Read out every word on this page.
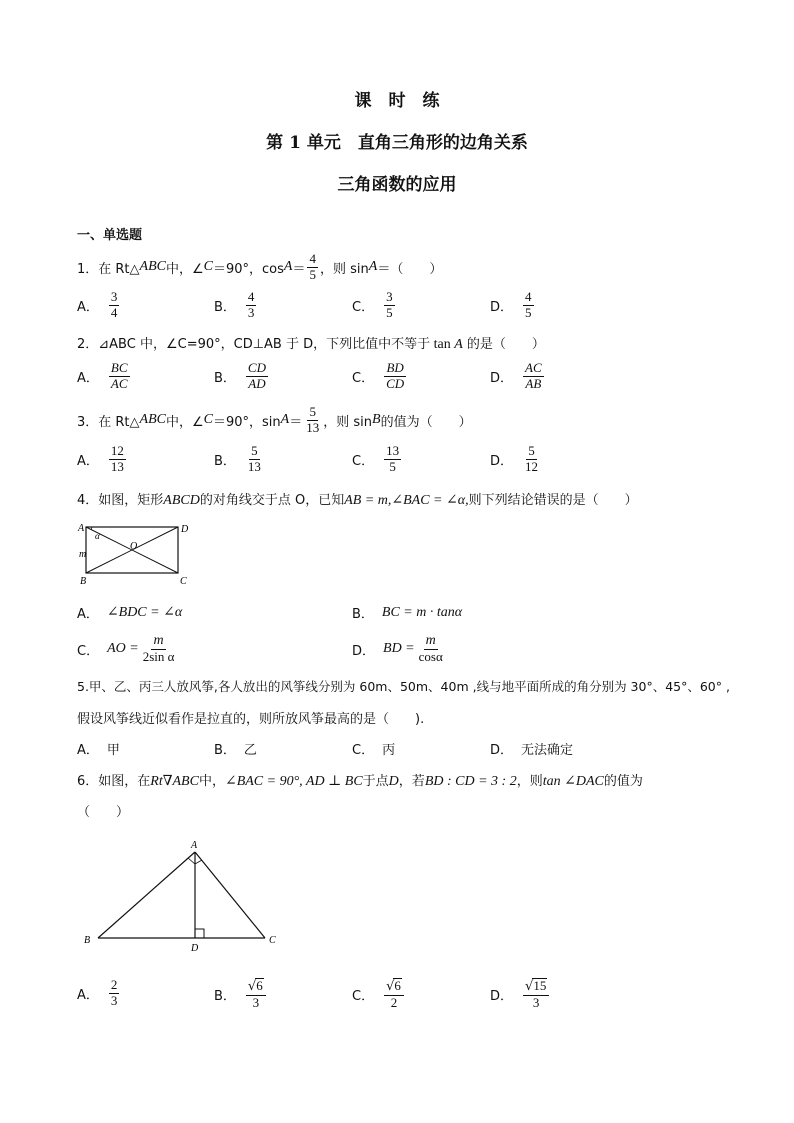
课　时　练
第 1 单元　直角三角形的边角关系
三角函数的应用
一、单选题
1．在 Rt△ ABC 中，∠ C ＝90°，$\cos A = \frac{4}{5}$ ，则 sin A ＝（　　）
A． $\frac{3}{4}$	B． $\frac{4}{3}$	C． $\frac{3}{5}$	D． $\frac{4}{5}$
2．⊿ABC 中，∠C=90°，CD⊥AB 于 D，下列比值中不等于 tan A 的是（　　）
A． $\frac{BC}{AC}$	B． $\frac{CD}{AD}$	C． $\frac{BD}{CD}$	D． $\frac{AC}{AB}$
3．在 Rt△ ABC 中，∠ C ＝90°，$\sin A = \frac{5}{13}$ ，则 sin B 的值为（　　）
A． $\frac{12}{13}$	B． $\frac{5}{13}$	C． $\frac{13}{5}$	D． $\frac{5}{12}$
4．如图，矩形ABCD的对角线交于点 O，已知AB = m,∠BAC = ∠α,则下列结论错误的是（　　）
A	D
B	C
O
m
α
A． ∠BDC = ∠α	B． BC = m · tanα
C． AO = $\frac{m}{\text{2sin α}}$	D． BD = $\frac{m}{\cos\alpha}$
5.甲、乙、丙三人放风筝,各人放出的风筝线分别为 60m、50m、40m ,线与地平面所成的角分别为 30°、45°、60° ,
假设风筝线近似看作是拉直的，则所放风筝最高的是（　　).
A． 甲	B． 乙	C． 丙	D． 无法确定
6．如图，在Rt∇ABC中，∠BAC = 90°, AD ⊥ BC于点D，若BD : CD = 3 : 2，则tan ∠DAC的值为
（　　）
A
B	C
D
A． $\frac{2}{3}$	B． $\frac{√6}{3}$	C． $\frac{√6}{2}$	D． $\frac{√15}{3}$
